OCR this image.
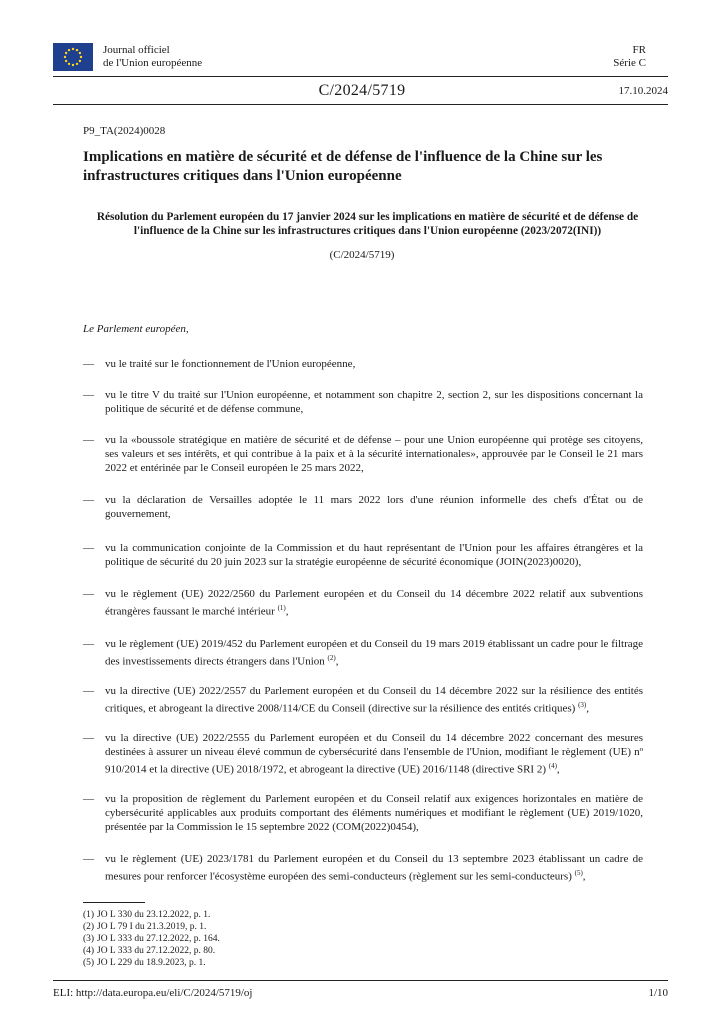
Journal officiel
de l'Union européenne
FR
Série C
C/2024/5719	17.10.2024
P9_TA(2024)0028
Implications en matière de sécurité et de défense de l'influence de la Chine sur les infrastructures critiques dans l'Union européenne
Résolution du Parlement européen du 17 janvier 2024 sur les implications en matière de sécurité et de défense de l'influence de la Chine sur les infrastructures critiques dans l'Union européenne (2023/2072(INI))
(C/2024/5719)
Le Parlement européen,
— vu le traité sur le fonctionnement de l'Union européenne,
— vu le titre V du traité sur l'Union européenne, et notamment son chapitre 2, section 2, sur les dispositions concernant la politique de sécurité et de défense commune,
— vu la «boussole stratégique en matière de sécurité et de défense – pour une Union européenne qui protège ses citoyens, ses valeurs et ses intérêts, et qui contribue à la paix et à la sécurité internationales», approuvée par le Conseil le 21 mars 2022 et entérinée par le Conseil européen le 25 mars 2022,
— vu la déclaration de Versailles adoptée le 11 mars 2022 lors d'une réunion informelle des chefs d'État ou de gouvernement,
— vu la communication conjointe de la Commission et du haut représentant de l'Union pour les affaires étrangères et la politique de sécurité du 20 juin 2023 sur la stratégie européenne de sécurité économique (JOIN(2023)0020),
— vu le règlement (UE) 2022/2560 du Parlement européen et du Conseil du 14 décembre 2022 relatif aux subventions étrangères faussant le marché intérieur $^{(1)}$,
— vu le règlement (UE) 2019/452 du Parlement européen et du Conseil du 19 mars 2019 établissant un cadre pour le filtrage des investissements directs étrangers dans l'Union $^{(2)}$,
— vu la directive (UE) 2022/2557 du Parlement européen et du Conseil du 14 décembre 2022 sur la résilience des entités critiques, et abrogeant la directive 2008/114/CE du Conseil (directive sur la résilience des entités critiques) $^{(3)}$,
— vu la directive (UE) 2022/2555 du Parlement européen et du Conseil du 14 décembre 2022 concernant des mesures destinées à assurer un niveau élevé commun de cybersécurité dans l'ensemble de l'Union, modifiant le règlement (UE) nº 910/2014 et la directive (UE) 2018/1972, et abrogeant la directive (UE) 2016/1148 (directive SRI 2) $^{(4)}$,
— vu la proposition de règlement du Parlement européen et du Conseil relatif aux exigences horizontales en matière de cybersécurité applicables aux produits comportant des éléments numériques et modifiant le règlement (UE) 2019/1020, présentée par la Commission le 15 septembre 2022 (COM(2022)0454),
— vu le règlement (UE) 2023/1781 du Parlement européen et du Conseil du 13 septembre 2023 établissant un cadre de mesures pour renforcer l'écosystème européen des semi-conducteurs (règlement sur les semi-conducteurs) $^{(5)}$,
(1) JO L 330 du 23.12.2022, p. 1.
(2) JO L 79 I du 21.3.2019, p. 1.
(3) JO L 333 du 27.12.2022, p. 164.
(4) JO L 333 du 27.12.2022, p. 80.
(5) JO L 229 du 18.9.2023, p. 1.
ELI: http://data.europa.eu/eli/C/2024/5719/oj	1/10
